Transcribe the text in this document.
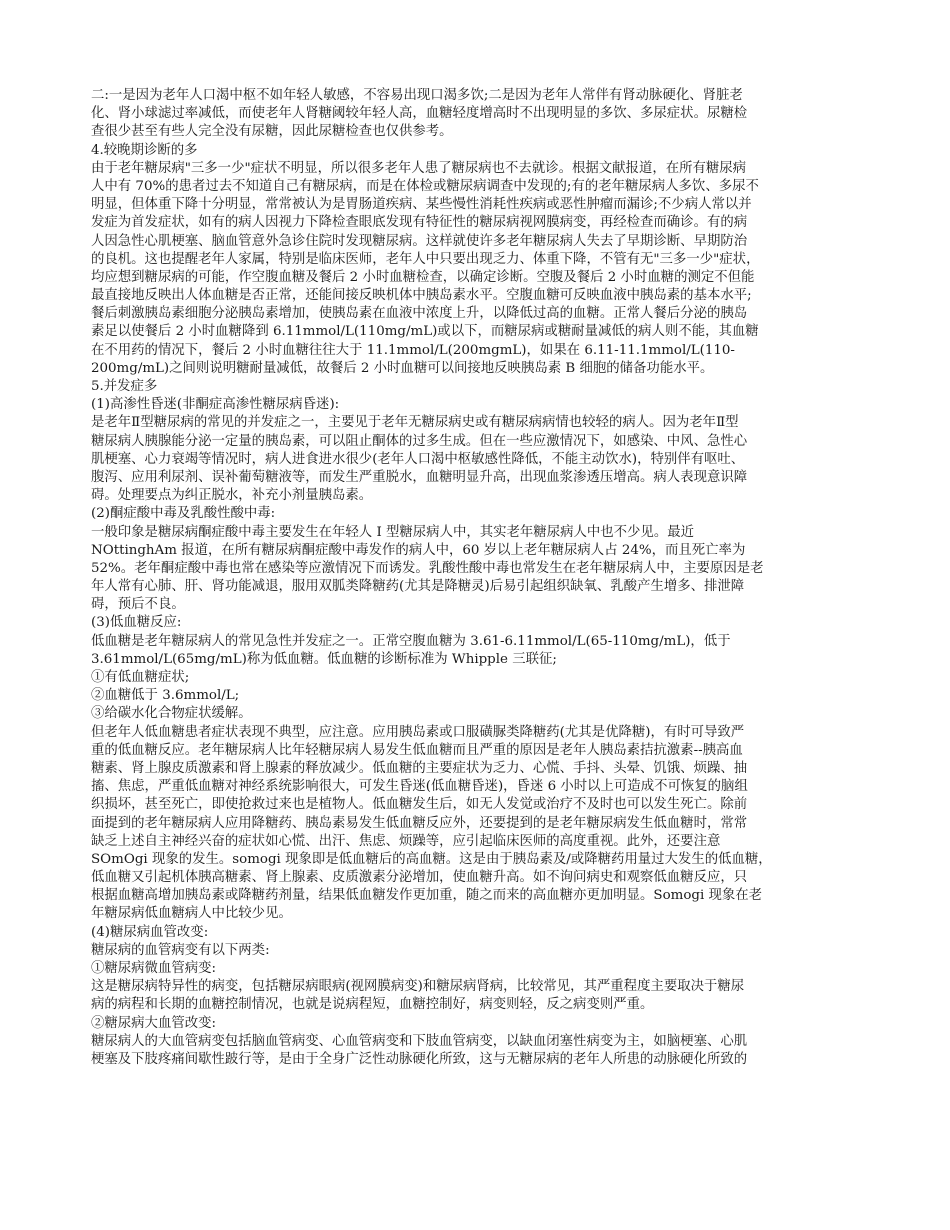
二:一是因为老年人口渴中枢不如年轻人敏感，不容易出现口渴多饮;二是因为老年人常伴有肾动脉硬化、肾脏老
化、肾小球滤过率减低，而使老年人肾糖阈较年轻人高，血糖轻度增高时不出现明显的多饮、多尿症状。尿糖检
查很少甚至有些人完全没有尿糖，因此尿糖检查也仅供参考。
4.较晚期诊断的多
由于老年糖尿病"三多一少"症状不明显，所以很多老年人患了糖尿病也不去就诊。根据文献报道，在所有糖尿病
人中有 70%的患者过去不知道自己有糖尿病，而是在体检或糖尿病调查中发现的;有的老年糖尿病人多饮、多尿不
明显，但体重下降十分明显，常常被认为是胃肠道疾病、某些慢性消耗性疾病或恶性肿瘤而漏诊;不少病人常以并
发症为首发症状，如有的病人因视力下降检查眼底发现有特征性的糖尿病视网膜病变，再经检查而确诊。有的病
人因急性心肌梗塞、脑血管意外急诊住院时发现糖尿病。这样就使许多老年糖尿病人失去了早期诊断、早期防治
的良机。这也提醒老年人家属，特别是临床医师，老年人中只要出现乏力、体重下降，不管有无"三多一少"症状，
均应想到糖尿病的可能，作空腹血糖及餐后 2 小时血糖检查，以确定诊断。空腹及餐后 2 小时血糖的测定不但能
最直接地反映出人体血糖是否正常，还能间接反映机体中胰岛素水平。空腹血糖可反映血液中胰岛素的基本水平;
餐后刺激胰岛素细胞分泌胰岛素增加，使胰岛素在血液中浓度上升，以降低过高的血糖。正常人餐后分泌的胰岛
素足以使餐后 2 小时血糖降到 6.11mmol/L(110mg/mL)或以下，而糖尿病或糖耐量减低的病人则不能，其血糖
在不用药的情况下，餐后 2 小时血糖往往大于 11.1mmol/L(200mgmL)，如果在 6.11-11.1mmol/L(110-
200mg/mL)之间则说明糖耐量减低，故餐后 2 小时血糖可以间接地反映胰岛素 B 细胞的储备功能水平。
5.并发症多
(1)高渗性昏迷(非酮症高渗性糖尿病昏迷):
是老年Ⅱ型糖尿病的常见的并发症之一，主要见于老年无糖尿病史或有糖尿病病情也较轻的病人。因为老年Ⅱ型
糖尿病人胰腺能分泌一定量的胰岛素，可以阻止酮体的过多生成。但在一些应激情况下，如感染、中风、急性心
肌梗塞、心力衰竭等情况时，病人进食进水很少(老年人口渴中枢敏感性降低，不能主动饮水)，特别伴有呕吐、
腹泻、应用利尿剂、误补葡萄糖液等，而发生严重脱水，血糖明显升高，出现血浆渗透压增高。病人表现意识障
碍。处理要点为纠正脱水，补充小剂量胰岛素。
(2)酮症酸中毒及乳酸性酸中毒:
一般印象是糖尿病酮症酸中毒主要发生在年轻人 I 型糖尿病人中，其实老年糖尿病人中也不少见。最近
NOttinghAm 报道，在所有糖尿病酮症酸中毒发作的病人中，60 岁以上老年糖尿病人占 24%，而且死亡率为
52%。老年酮症酸中毒也常在感染等应激情况下而诱发。乳酸性酸中毒也常发生在老年糖尿病人中，主要原因是老
年人常有心肺、肝、肾功能减退，服用双胍类降糖药(尤其是降糖灵)后易引起组织缺氧、乳酸产生增多、排泄障
碍，预后不良。
(3)低血糖反应:
低血糖是老年糖尿病人的常见急性并发症之一。正常空腹血糖为 3.61-6.11mmol/L(65-110mg/mL)，低于
3.61mmol/L(65mg/mL)称为低血糖。低血糖的诊断标准为 Whipple 三联征;
①有低血糖症状;
②血糖低于 3.6mmol/L;
③给碳水化合物症状缓解。
但老年人低血糖患者症状表现不典型，应注意。应用胰岛素或口服磺脲类降糖药(尤其是优降糖)，有时可导致严
重的低血糖反应。老年糖尿病人比年轻糖尿病人易发生低血糖而且严重的原因是老年人胰岛素拮抗激素--胰高血
糖素、肾上腺皮质激素和肾上腺素的释放减少。低血糖的主要症状为乏力、心慌、手抖、头晕、饥饿、烦躁、抽
搐、焦虑，严重低血糖对神经系统影响很大，可发生昏迷(低血糖昏迷)，昏迷 6 小时以上可造成不可恢复的脑组
织损坏，甚至死亡，即使抢救过来也是植物人。低血糖发生后，如无人发觉或治疗不及时也可以发生死亡。除前
面提到的老年糖尿病人应用降糖药、胰岛素易发生低血糖反应外，还要提到的是老年糖尿病发生低血糖时，常常
缺乏上述自主神经兴奋的症状如心慌、出汗、焦虑、烦躁等，应引起临床医师的高度重视。此外，还要注意
SOmOgi 现象的发生。somogi 现象即是低血糖后的高血糖。这是由于胰岛素及/或降糖药用量过大发生的低血糖，
低血糖又引起机体胰高糖素、肾上腺素、皮质激素分泌增加，使血糖升高。如不询问病史和观察低血糖反应，只
根据血糖高增加胰岛素或降糖药剂量，结果低血糖发作更加重，随之而来的高血糖亦更加明显。Somogi 现象在老
年糖尿病低血糖病人中比较少见。
(4)糖尿病血管改变:
糖尿病的血管病变有以下两类:
①糖尿病微血管病变:
这是糖尿病特异性的病变，包括糖尿病眼病(视网膜病变)和糖尿病肾病，比较常见，其严重程度主要取决于糖尿
病的病程和长期的血糖控制情况，也就是说病程短，血糖控制好，病变则轻，反之病变则严重。
②糖尿病大血管改变:
糖尿病人的大血管病变包括脑血管病变、心血管病变和下肢血管病变，以缺血闭塞性病变为主，如脑梗塞、心肌
梗塞及下肢疼痛间歇性跛行等，是由于全身广泛性动脉硬化所致，这与无糖尿病的老年人所患的动脉硬化所致的
